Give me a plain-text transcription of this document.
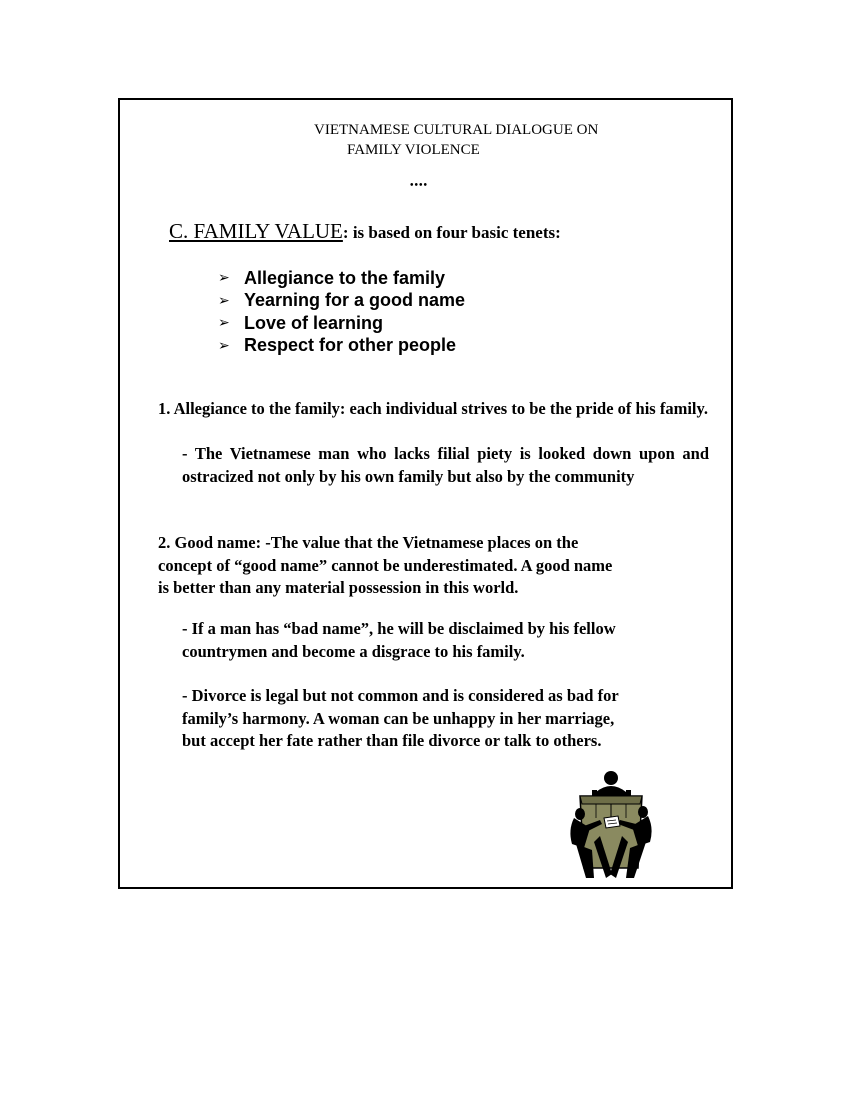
VIETNAMESE CULTURAL DIALOGUE ON
FAMILY VIOLENCE
••••
C. FAMILY VALUE: is based on four basic tenets:
➢ Allegiance to the family
➢ Yearning for a good name
➢ Love of learning
➢ Respect for other people
1. Allegiance to the family: each individual strives to be the pride of his family.
- The Vietnamese man who lacks filial piety is looked down upon and ostracized not only by his own family but also by the community
2. Good name: -The value that the Vietnamese places on the
concept of “good name” cannot be underestimated. A good name
is better than any material possession in this world.
- If a man has “bad name”, he will be disclaimed by his fellow
countrymen and become a disgrace to his family.
- Divorce is legal but not common and is considered as bad for
family’s harmony. A woman can be unhappy in her marriage,
but accept her fate rather than file divorce or talk to others.
